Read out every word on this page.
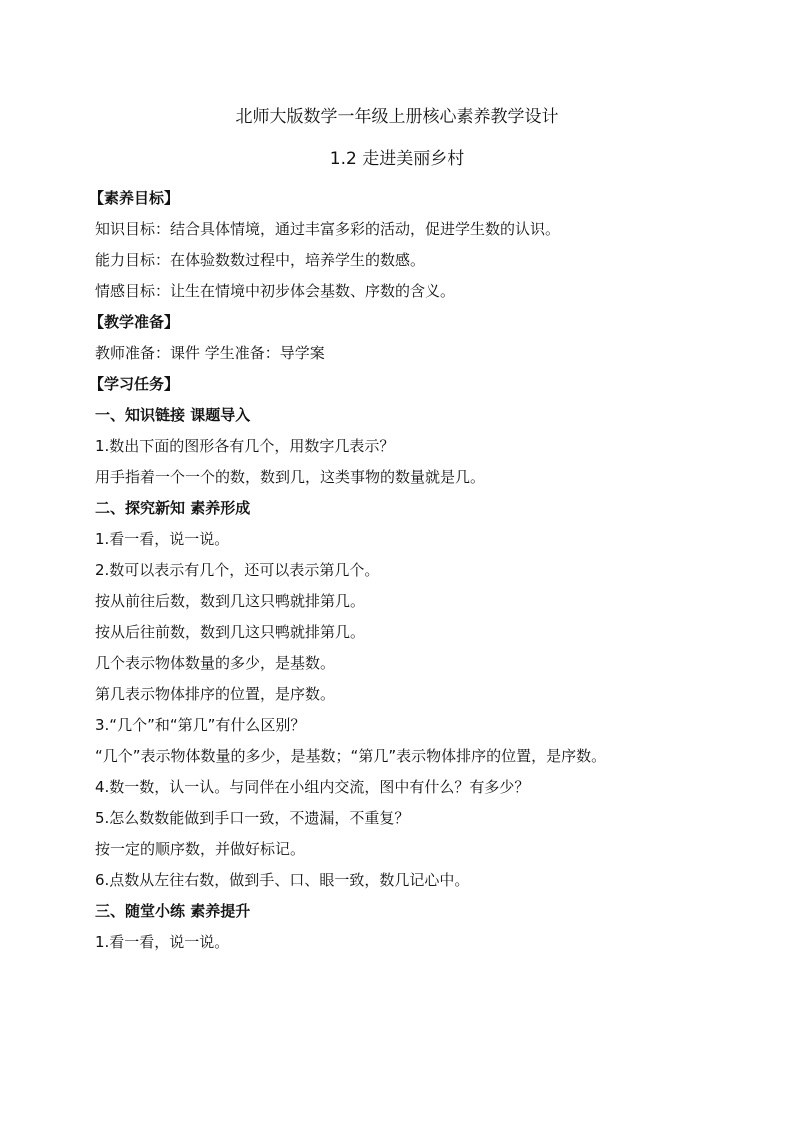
北师大版数学一年级上册核心素养教学设计
1.2 走进美丽乡村
【素养目标】
知识目标：结合具体情境，通过丰富多彩的活动，促进学生数的认识。
能力目标：在体验数数过程中，培养学生的数感。
情感目标：让生在情境中初步体会基数、序数的含义。
【教学准备】
教师准备：课件 学生准备：导学案
【学习任务】
一、知识链接 课题导入
1.数出下面的图形各有几个，用数字几表示？
用手指着一个一个的数，数到几，这类事物的数量就是几。
二、探究新知 素养形成
1.看一看，说一说。
2.数可以表示有几个，还可以表示第几个。
按从前往后数，数到几这只鸭就排第几。
按从后往前数，数到几这只鸭就排第几。
几个表示物体数量的多少，是基数。
第几表示物体排序的位置，是序数。
3.“几个”和“第几”有什么区别？
“几个”表示物体数量的多少，是基数；“第几”表示物体排序的位置，是序数。
4.数一数，认一认。与同伴在小组内交流，图中有什么？有多少？
5.怎么数数能做到手口一致，不遗漏，不重复？
按一定的顺序数，并做好标记。
6.点数从左往右数，做到手、口、眼一致，数几记心中。
三、随堂小练 素养提升
1.看一看，说一说。
